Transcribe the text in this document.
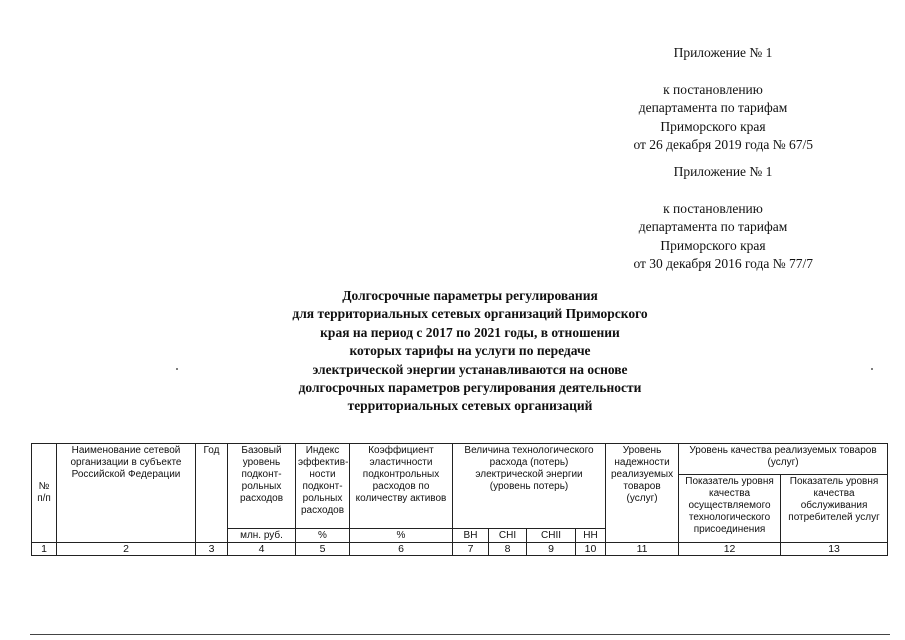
Приложение № 1
к постановлению
департамента по тарифам
Приморского края
от 26 декабря 2019 года № 67/5
Приложение № 1
к постановлению
департамента по тарифам
Приморского края
от 30 декабря 2016 года № 77/7
Долгосрочные параметры регулирования
для территориальных сетевых организаций Приморского
края на период с 2017 по 2021 годы, в отношении
которых тарифы на услуги по передаче
электрической энергии устанавливаются на основе
долгосрочных параметров регулирования деятельности
территориальных сетевых организаций
№ п/п	Наименование сетевой организации в субъекте Российской Федерации	Год	Базовый уровень подконт-рольных расходов	Индекс эффектив-ности подконт-рольных расходов	Коэффициент эластичности подконтрольных расходов по количеству активов	Величина технологического расхода (потерь) электрической энергии (уровень потерь)				Уровень надежности реализуемых товаров (услуг)	Уровень качества реализуемых товаров (услуг)	
											Показатель уровня качества осуществляемого технологического присоединения	Показатель уровня качества обслуживания потребителей услуг
			млн. руб.	%	%	ВН	СНI	СНII	НН			
1	2	3	4	5	6	7	8	9	10	11	12	13
